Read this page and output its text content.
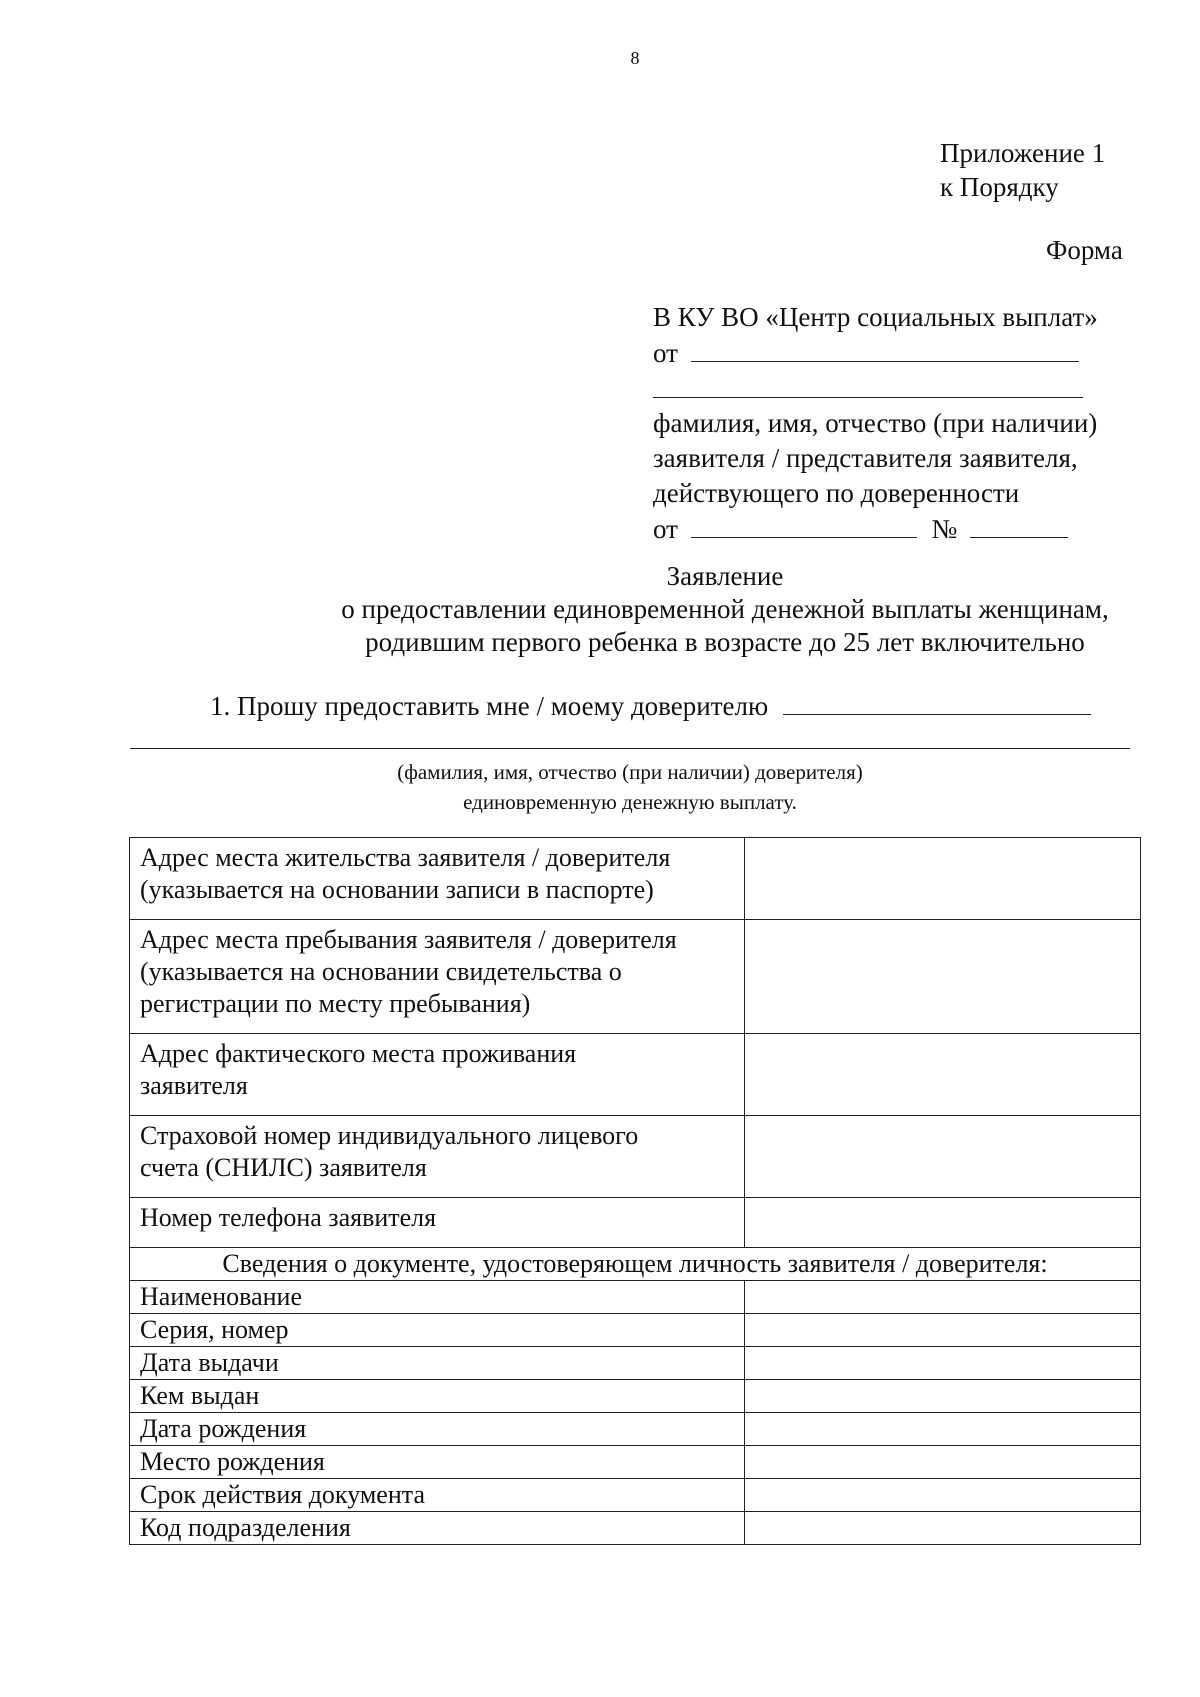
8
Приложение 1
к Порядку
Форма
В КУ ВО «Центр социальных выплат»
от
фамилия, имя, отчество (при наличии)
заявителя / представителя заявителя,
действующего по доверенности
от	№
Заявление
о предоставлении единовременной денежной выплаты женщинам,
родившим первого ребенка в возрасте до 25 лет включительно
1. Прошу предоставить мне / моему доверителю
(фамилия, имя, отчество (при наличии) доверителя)
единовременную денежную выплату.
Адрес места жительства заявителя / доверителя
(указывается на основании записи в паспорте)	

Адрес места пребывания заявителя / доверителя
(указывается на основании свидетельства о
регистрации по месту пребывания)	

Адрес фактического места проживания
заявителя	

Страховой номер индивидуального лицевого
счета (СНИЛС) заявителя	

Номер телефона заявителя	

Сведения о документе, удостоверяющем личность заявителя / доверителя:	
Наименование	
Серия, номер	
Дата выдачи	
Кем выдан	
Дата рождения	
Место рождения	
Срок действия документа	
Код подразделения	
